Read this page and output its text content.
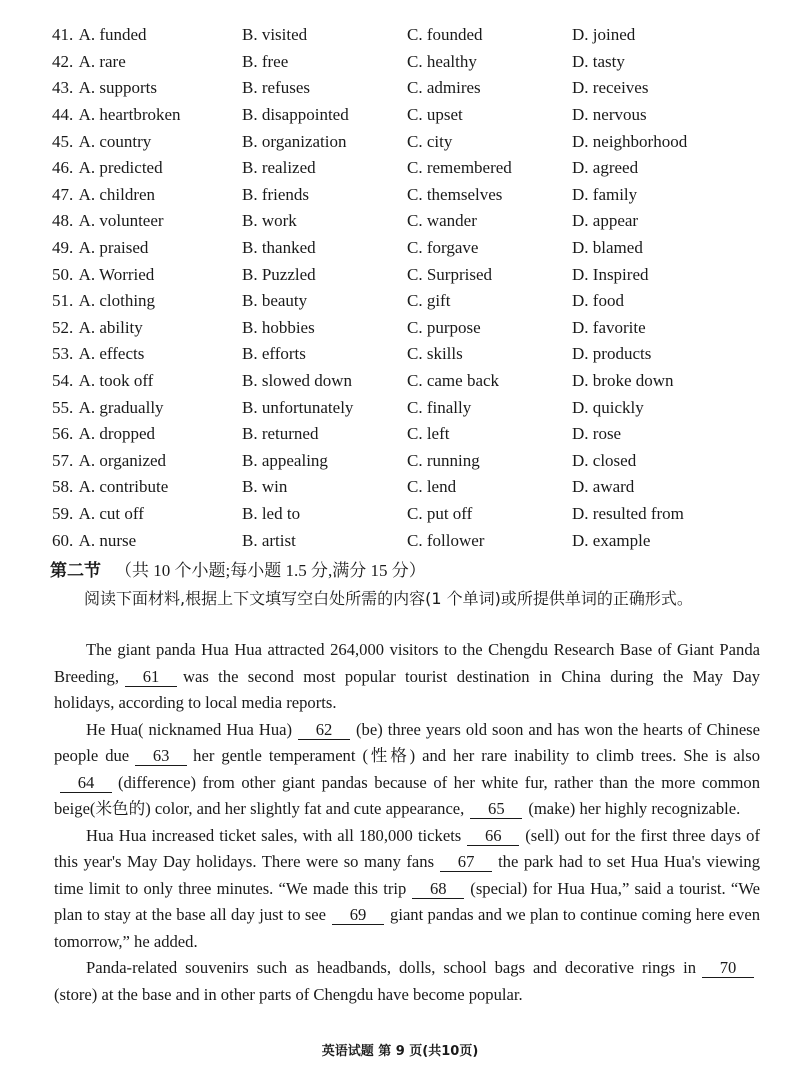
41. A. funded	B. visited	C. founded	D. joined
42. A. rare	B. free	C. healthy	D. tasty
43. A. supports	B. refuses	C. admires	D. receives
44. A. heartbroken	B. disappointed	C. upset	D. nervous
45. A. country	B. organization	C. city	D. neighborhood
46. A. predicted	B. realized	C. remembered	D. agreed
47. A. children	B. friends	C. themselves	D. family
48. A. volunteer	B. work	C. wander	D. appear
49. A. praised	B. thanked	C. forgave	D. blamed
50. A. Worried	B. Puzzled	C. Surprised	D. Inspired
51. A. clothing	B. beauty	C. gift	D. food
52. A. ability	B. hobbies	C. purpose	D. favorite
53. A. effects	B. efforts	C. skills	D. products
54. A. took off	B. slowed down	C. came back	D. broke down
55. A. gradually	B. unfortunately	C. finally	D. quickly
56. A. dropped	B. returned	C. left	D. rose
57. A. organized	B. appealing	C. running	D. closed
58. A. contribute	B. win	C. lend	D. award
59. A. cut off	B. led to	C. put off	D. resulted from
60. A. nurse	B. artist	C. follower	D. example
第二节 （共 10 个小题;每小题 1.5 分,满分 15 分）
阅读下面材料,根据上下文填写空白处所需的内容(1 个单词)或所提供单词的正确形式。

The giant panda Hua Hua attracted 264,000 visitors to the Chengdu Research Base of Giant Panda Breeding, 61 was the second most popular tourist destination in China during the May Day holidays, according to local media reports.

He Hua( nicknamed Hua Hua) 62 (be) three years old soon and has won the hearts of Chinese people due 63 her gentle temperament (性格) and her rare inability to climb trees. She is also64 (difference) from other giant pandas because of her white fur, rather than the more common beige(米色的) color, and her slightly fat and cute appearance, 65 (make) her highly recognizable.

Hua Hua increased ticket sales, with all 180,000 tickets 66 (sell) out for the first three days of this year's May Day holidays. There were so many fans 67 the park had to set Hua Hua's viewing time limit to only three minutes. “We made this trip 68 (special) for Hua Hua,” said a tourist. “We plan to stay at the base all day just to see 69 giant pandas and we plan to continue coming here even tomorrow,” he added.

Panda-related souvenirs such as headbands, dolls, school bags and decorative rings in 70(store) at the base and in other parts of Chengdu have become popular.

英语试题 第 9 页(共10页)
